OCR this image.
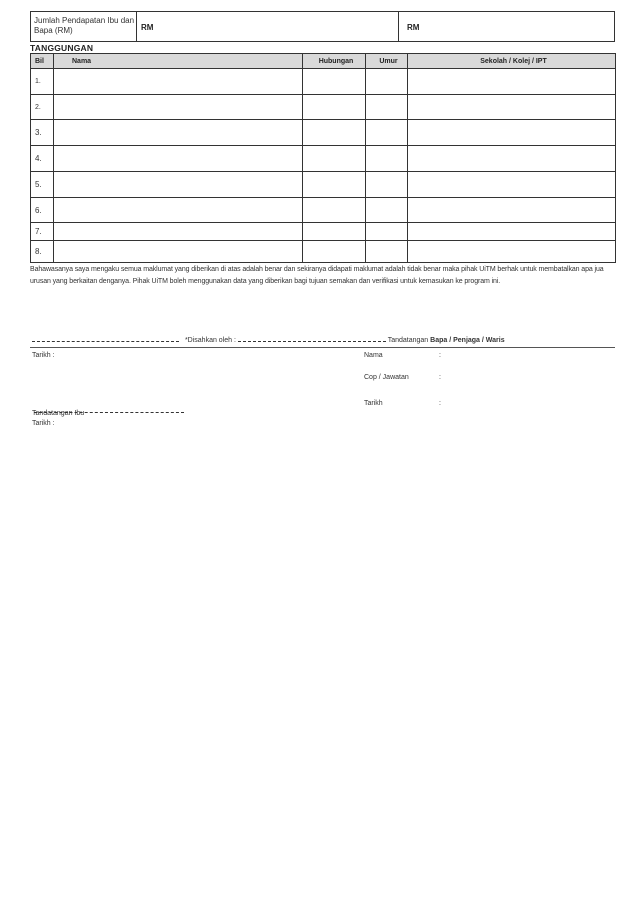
Jumlah Pendapatan Ibu dan Bapa (RM)	RM	RM
TANGGUNGAN
Bil	Nama	Hubungan	Umur	Sekolah / Kolej / IPT
1.				
2.				
3.				
4.				
5.				
6.				
7.				
8.				
Bahawasanya saya mengaku semua maklumat yang diberikan di atas adalah benar dan sekiranya didapati maklumat adalah tidak benar maka pihak UiTM berhak untuk membatalkan apa jua urusan yang berkaitan denganya. Pihak UiTM boleh menggunakan data yang diberikan bagi tujuan semakan dan verifikasi untuk kemasukan ke program ini.
*Disahkan oleh :	Tandatangan Bapa / Penjaga / Waris
Tarikh :	Nama	:
Cop / Jawatan	:
Tarikh	:
Tandatangan Ibu
Tarikh :
